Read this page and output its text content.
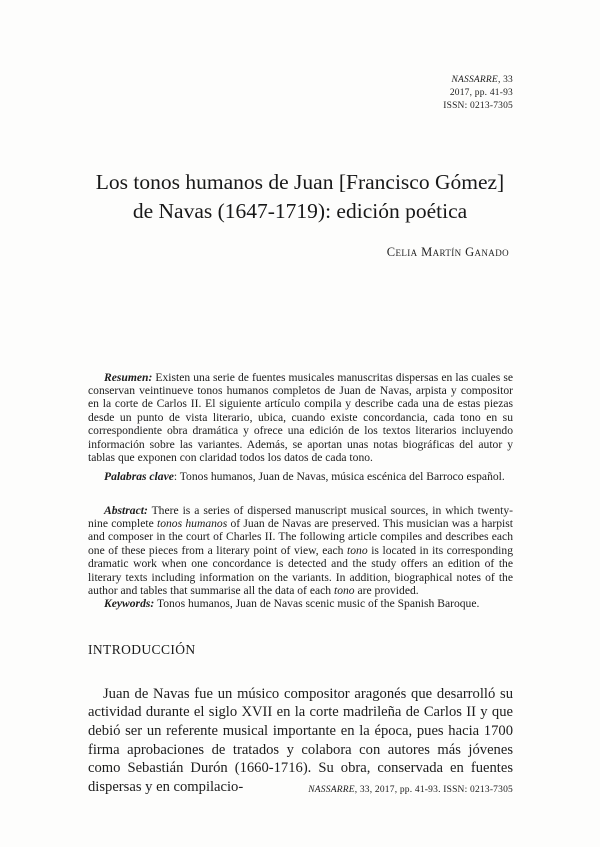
NASSARRE, 33
2017, pp. 41-93
ISSN: 0213-7305
Los tonos humanos de Juan [Francisco Gómez]
de Navas (1647-1719): edición poética
Celia Martín Ganado

Resumen: Existen una serie de fuentes musicales manuscritas dispersas en las cuales se conservan veintinueve tonos humanos completos de Juan de Navas, arpista y compositor en la corte de Carlos II. El siguiente artículo compila y describe cada una de estas piezas desde un punto de vista literario, ubica, cuando existe concordancia, cada tono en su correspondiente obra dramática y ofrece una edición de los textos literarios incluyendo información sobre las variantes. Además, se aportan unas notas biográficas del autor y tablas que exponen con claridad todos los datos de cada tono.

Palabras clave: Tonos humanos, Juan de Navas, música escénica del Barroco español.

Abstract: There is a series of dispersed manuscript musical sources, in which twenty-nine complete tonos humanos of Juan de Navas are preserved. This musician was a harpist and composer in the court of Charles II. The following article compiles and describes each one of these pieces from a literary point of view, each tono is located in its corresponding dramatic work when one concordance is detected and the study offers an edition of the literary texts including information on the variants. In addition, biographical notes of the author and tables that summarise all the data of each tono are provided.

Keywords: Tonos humanos, Juan de Navas scenic music of the Spanish Baroque.

INTRODUCCIÓN

Juan de Navas fue un músico compositor aragonés que desarrolló su actividad durante el siglo XVII en la corte madrileña de Carlos II y que debió ser un referente musical importante en la época, pues hacia 1700 firma aprobaciones de tratados y colabora con autores más jóvenes como Sebastián Durón (1660-1716). Su obra, conservada en fuentes dispersas y en compilacio-	NASSARRE, 33, 2017, pp. 41-93. ISSN: 0213-7305
